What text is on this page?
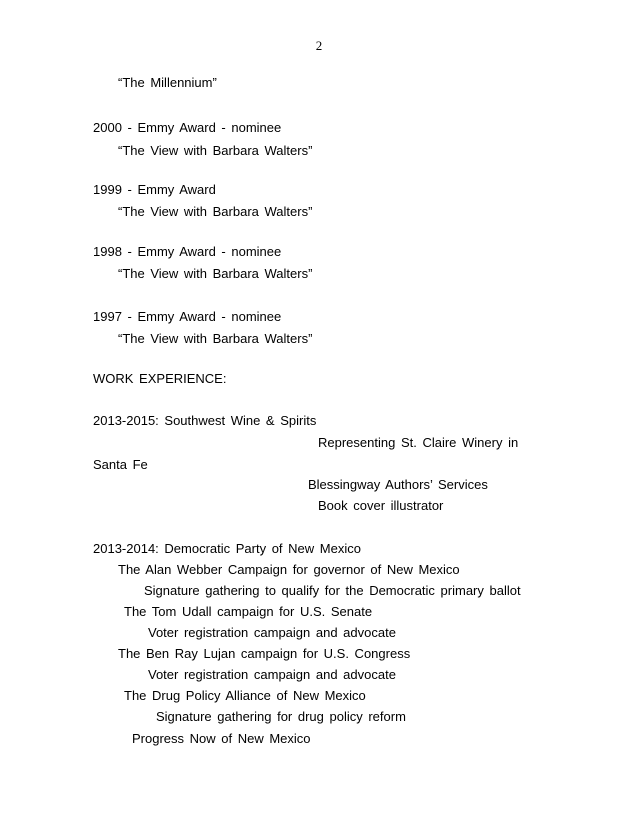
2
“The Millennium”
2000 - Emmy Award - nominee
“The View with Barbara Walters”
1999 - Emmy Award
“The View with Barbara Walters”
1998 - Emmy Award - nominee
“The View with Barbara Walters”
1997 - Emmy Award - nominee
“The View with Barbara Walters”
WORK EXPERIENCE:
2013-2015: Southwest Wine & Spirits
Representing St. Claire Winery in
Santa Fe
Blessingway Authors’ Services
Book cover illustrator
2013-2014: Democratic Party of New Mexico
The Alan Webber Campaign for governor of New Mexico
Signature gathering to qualify for the Democratic primary ballot
The Tom Udall campaign for U.S. Senate
Voter registration campaign and advocate
The Ben Ray Lujan campaign for U.S. Congress
Voter registration campaign and advocate
The Drug Policy Alliance of New Mexico
Signature gathering for drug policy reform
Progress Now of New Mexico
